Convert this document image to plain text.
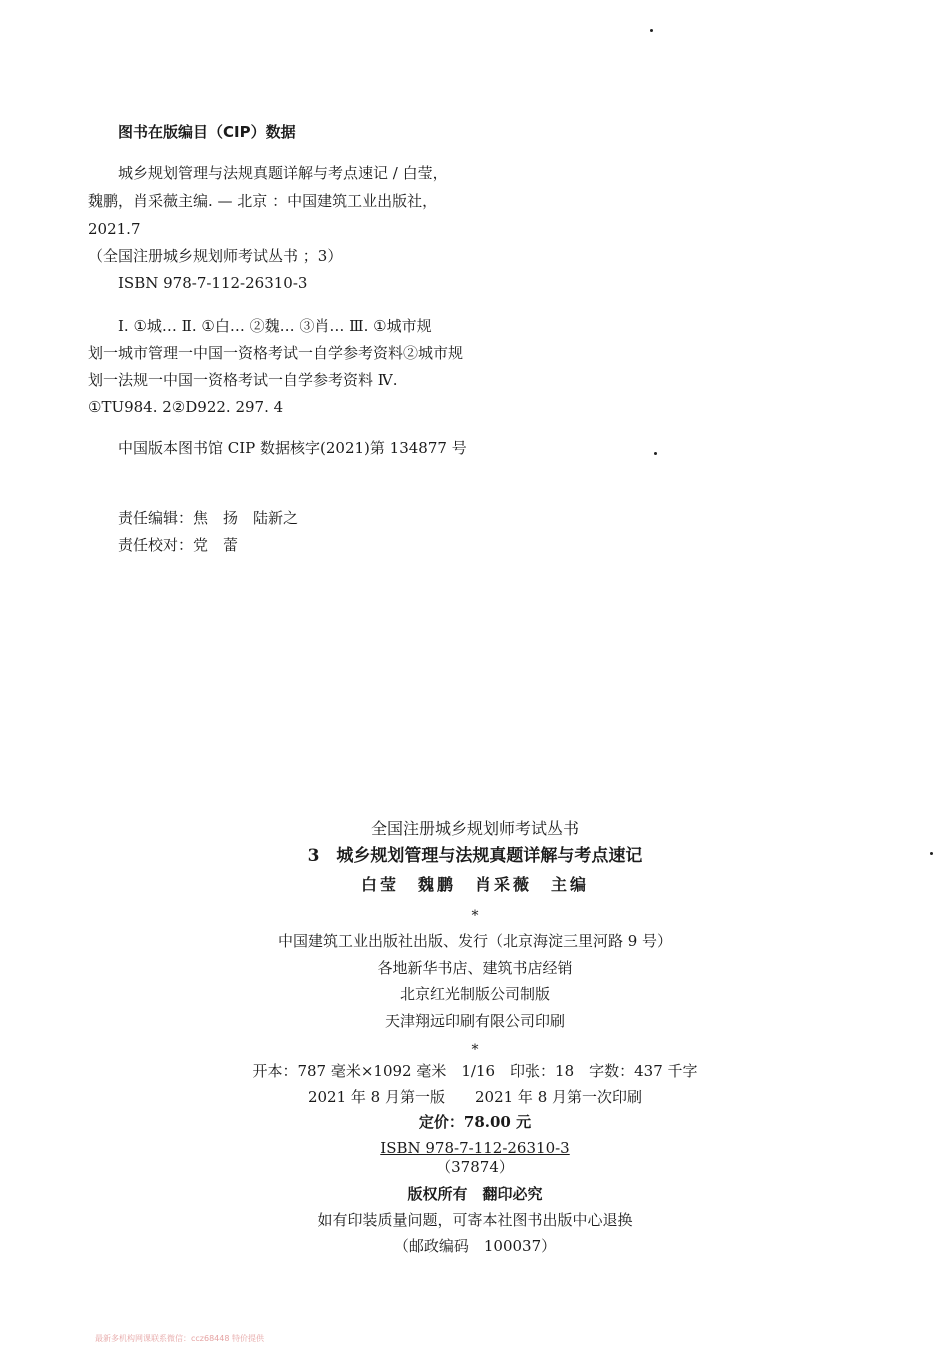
图书在版编目（CIP）数据
城乡规划管理与法规真题详解与考点速记 / 白莹，
魏鹏，肖采薇主编. — 北京 ：中国建筑工业出版社，
2021.7
（全国注册城乡规划师考试丛书 ；3）
ISBN 978-7-112-26310-3
Ⅰ. ①城… Ⅱ. ①白… ②魏… ③肖… Ⅲ. ①城市规
划一城市管理一中国一资格考试一自学参考资料②城市规
划一法规一中国一资格考试一自学参考资料 Ⅳ.
①TU984. 2②D922. 297. 4
中国版本图书馆 CIP 数据核字(2021)第 134877 号
责任编辑：焦　扬　陆新之
责任校对：党　蕾
全国注册城乡规划师考试丛书
3　城乡规划管理与法规真题详解与考点速记
白莹　魏鹏　肖采薇　主编
*
中国建筑工业出版社出版、发行（北京海淀三里河路 9 号）
各地新华书店、建筑书店经销
北京红光制版公司制版
天津翔远印刷有限公司印刷
*
开本：787 毫米×1092 毫米　1/16　印张：18　字数：437 千字
2021 年 8 月第一版　　2021 年 8 月第一次印刷
定价：78.00 元
ISBN 978-7-112-26310-3
（37874）
版权所有　翻印必究
如有印装质量问题，可寄本社图书出版中心退换
（邮政编码　100037）
最新多机构网课联系微信：ccz68448 特价提供
